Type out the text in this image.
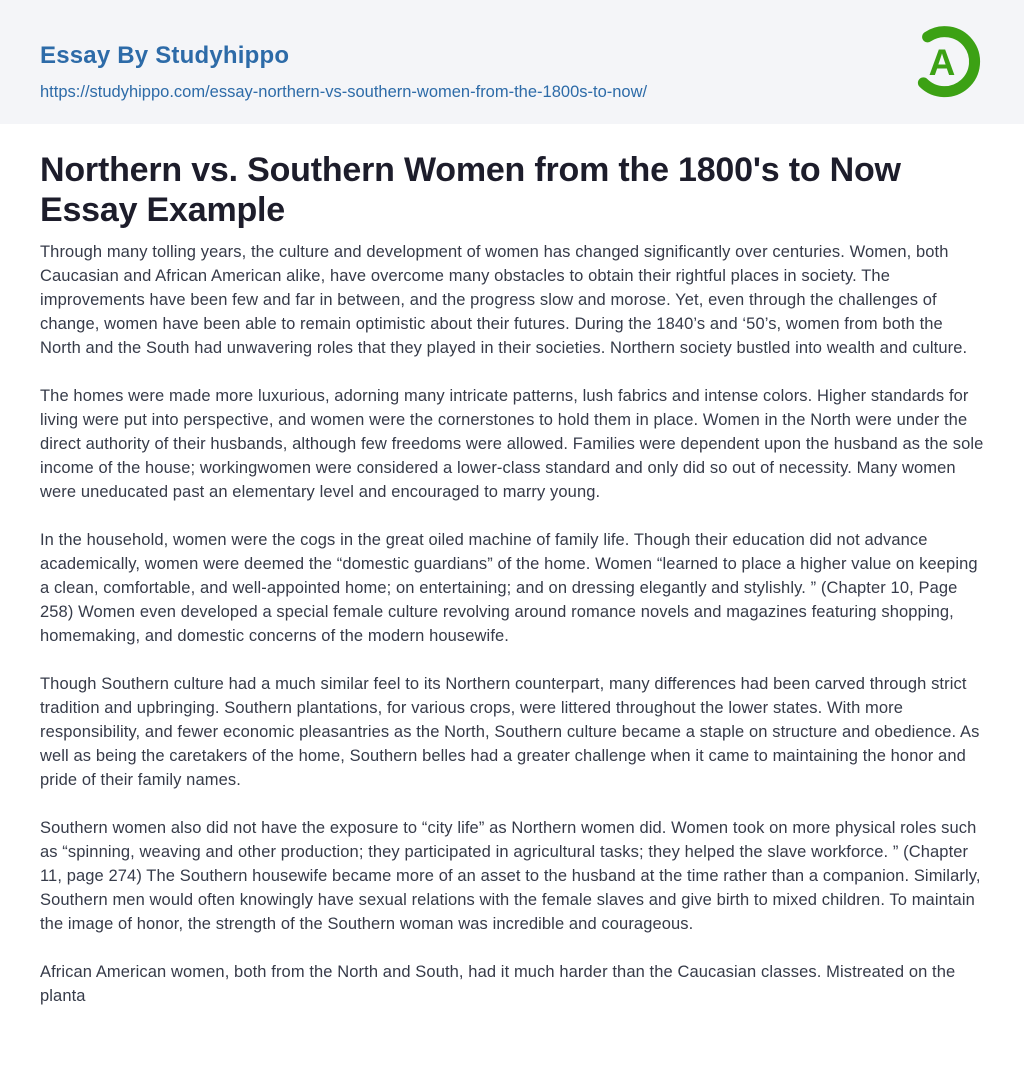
Essay By Studyhippo
https://studyhippo.com/essay-northern-vs-southern-women-from-the-1800s-to-now/
A
Northern vs. Southern Women from the 1800's to Now Essay Example

Through many tolling years, the culture and development of women has changed significantly over centuries. Women, both Caucasian and African American alike, have overcome many obstacles to obtain their rightful places in society. The improvements have been few and far in between, and the progress slow and morose. Yet, even through the challenges of change, women have been able to remain optimistic about their futures. During the 1840’s and ‘50’s, women from both the North and the South had unwavering roles that they played in their societies. Northern society bustled into wealth and culture.

The homes were made more luxurious, adorning many intricate patterns, lush fabrics and intense colors. Higher standards for living were put into perspective, and women were the cornerstones to hold them in place. Women in the North were under the direct authority of their husbands, although few freedoms were allowed. Families were dependent upon the husband as the sole income of the house; workingwomen were considered a lower-class standard and only did so out of necessity. Many women were uneducated past an elementary level and encouraged to marry young.

In the household, women were the cogs in the great oiled machine of family life. Though their education did not advance academically, women were deemed the “domestic guardians” of the home. Women “learned to place a higher value on keeping a clean, comfortable, and well-appointed home; on entertaining; and on dressing elegantly and stylishly. ” (Chapter 10, Page 258) Women even developed a special female culture revolving around romance novels and magazines featuring shopping, homemaking, and domestic concerns of the modern housewife.

Though Southern culture had a much similar feel to its Northern counterpart, many differences had been carved through strict tradition and upbringing. Southern plantations, for various crops, were littered throughout the lower states. With more responsibility, and fewer economic pleasantries as the North, Southern culture became a staple on structure and obedience. As well as being the caretakers of the home, Southern belles had a greater challenge when it came to maintaining the honor and pride of their family names.

Southern women also did not have the exposure to “city life” as Northern women did. Women took on more physical roles such as “spinning, weaving and other production; they participated in agricultural tasks; they helped the slave workforce. ” (Chapter 11, page 274) The Southern housewife became more of an asset to the husband at the time rather than a companion. Similarly, Southern men would often knowingly have sexual relations with the female slaves and give birth to mixed children. To maintain the image of honor, the strength of the Southern woman was incredible and courageous.

African American women, both from the North and South, had it much harder than the Caucasian classes. Mistreated on the planta
